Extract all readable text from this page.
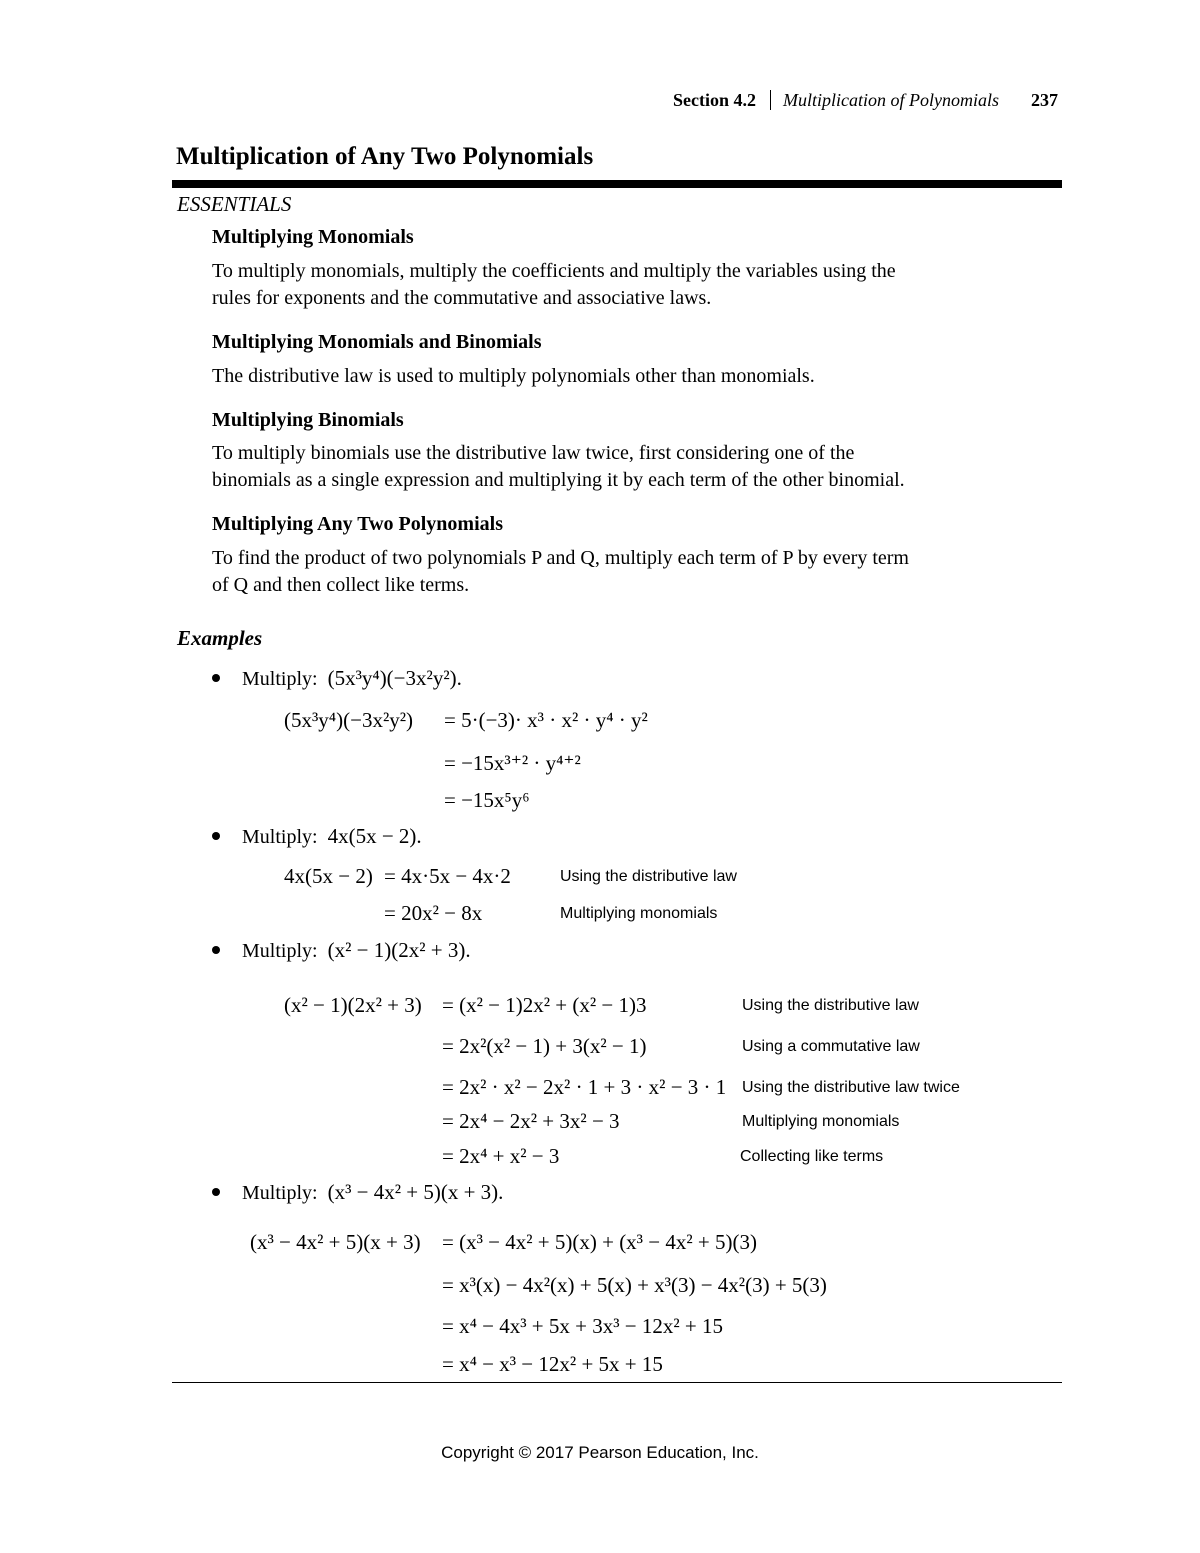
Section 4.2 Multiplication of Polynomials 237
Multiplication of Any Two Polynomials
ESSENTIALS
Multiplying Monomials
To multiply monomials, multiply the coefficients and multiply the variables using the
rules for exponents and the commutative and associative laws.
Multiplying Monomials and Binomials
The distributive law is used to multiply polynomials other than monomials.
Multiplying Binomials
To multiply binomials use the distributive law twice, first considering one of the
binomials as a single expression and multiplying it by each term of the other binomial.
Multiplying Any Two Polynomials
To find the product of two polynomials P and Q, multiply each term of P by every term
of Q and then collect like terms.
Examples
Multiply: (5x³y⁴)(−3x²y²).
(5x³y⁴)(−3x²y²) = 5·(−3)· x³ · x² · y⁴ · y²
= −15x³⁺² · y⁴⁺²
= −15x⁵y⁶
Multiply: 4x(5x − 2).
4x(5x − 2) = 4x·5x − 4x·2	Using the distributive law
= 20x² − 8x	Multiplying monomials
Multiply: (x² − 1)(2x² + 3).
(x² − 1)(2x² + 3) = (x² − 1)2x² + (x² − 1)3	Using the distributive law
= 2x²(x² − 1) + 3(x² − 1)	Using a commutative law
= 2x² · x² − 2x² · 1 + 3 · x² − 3 · 1 Using the distributive law twice
= 2x⁴ − 2x² + 3x² − 3	Multiplying monomials
= 2x⁴ + x² − 3	Collecting like terms
Multiply: (x³ − 4x² + 5)(x + 3).
(x³ − 4x² + 5)(x + 3) = (x³ − 4x² + 5)(x) + (x³ − 4x² + 5)(3)
= x³(x) − 4x²(x) + 5(x) + x³(3) − 4x²(3) + 5(3)
= x⁴ − 4x³ + 5x + 3x³ − 12x² + 15
= x⁴ − x³ − 12x² + 5x + 15
Copyright © 2017 Pearson Education, Inc.
